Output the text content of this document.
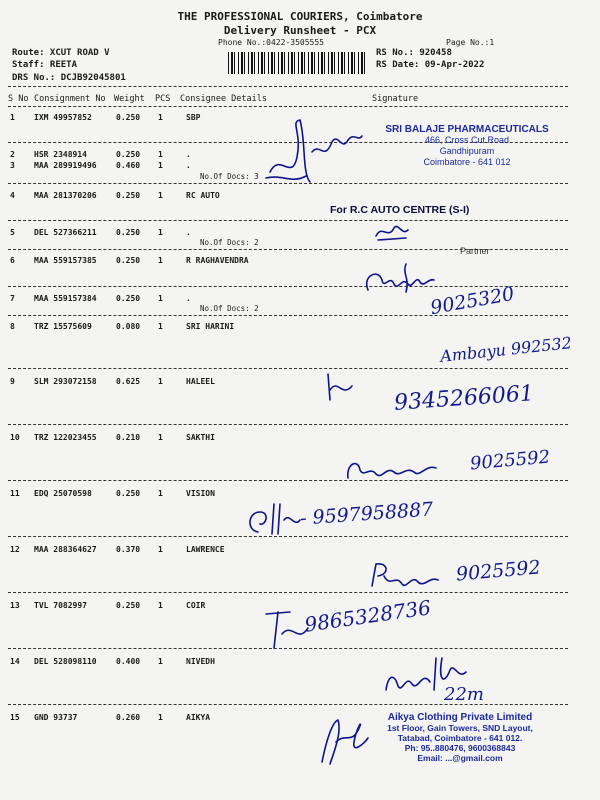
THE PROFESSIONAL COURIERS, Coimbatore
Delivery Runsheet - PCX
Phone No.:0422-3505555	Page No.:1
Route: XCUT ROAD V
Staff: REETA
DRS No.: DCJB92045801
RS No.: 920458
RS Date: 09-Apr-2022
S No Consignment No Weight PCS Consignee Details	Signature
1 IXM 49957852	0.250 1	SBP
2 HSR 2348914	0.250 1	.
3 MAA 289919496 0.460 1	.
No.Of Docs: 3
4 MAA 281370206 0.250 1	RC AUTO
5 DEL 527366211 0.250 1	.
No.Of Docs: 2
6 MAA 559157385 0.250 1	R RAGHAVENDRA
7 MAA 559157384 0.250 1	.
No.Of Docs: 2
8 TRZ 15575609	0.080 1	SRI HARINI
9 SLM 293072158 0.625 1	HALEEL
10 TRZ 122023455 0.210 1	SAKTHI
11 EDQ 25070598	0.250 1	VISION
12 MAA 288364627 0.370 1	LAWRENCE
13 TVL 7082997	0.250 1	COIR
14 DEL 528098110 0.400 1	NIVEDH
15 GND 93737	0.260 1	AIKYA
SRI BALAJE PHARMACEUTICALS
466, Cross Cut Road
Gandhipuram
Coimbatore - 641 012
For R.C AUTO CENTRE (S-I)
Partner
Aikya Clothing Private Limited
1st Floor, Gain Towers, SND Layout,
Tatabad, Coimbatore - 641 012.
Ph: 95..880476, 9600368843
Email: ...@gmail.com
9025320
Ambayu 992532
9345266061
9025592
- 9597958887
9025592
9865328736
22m
